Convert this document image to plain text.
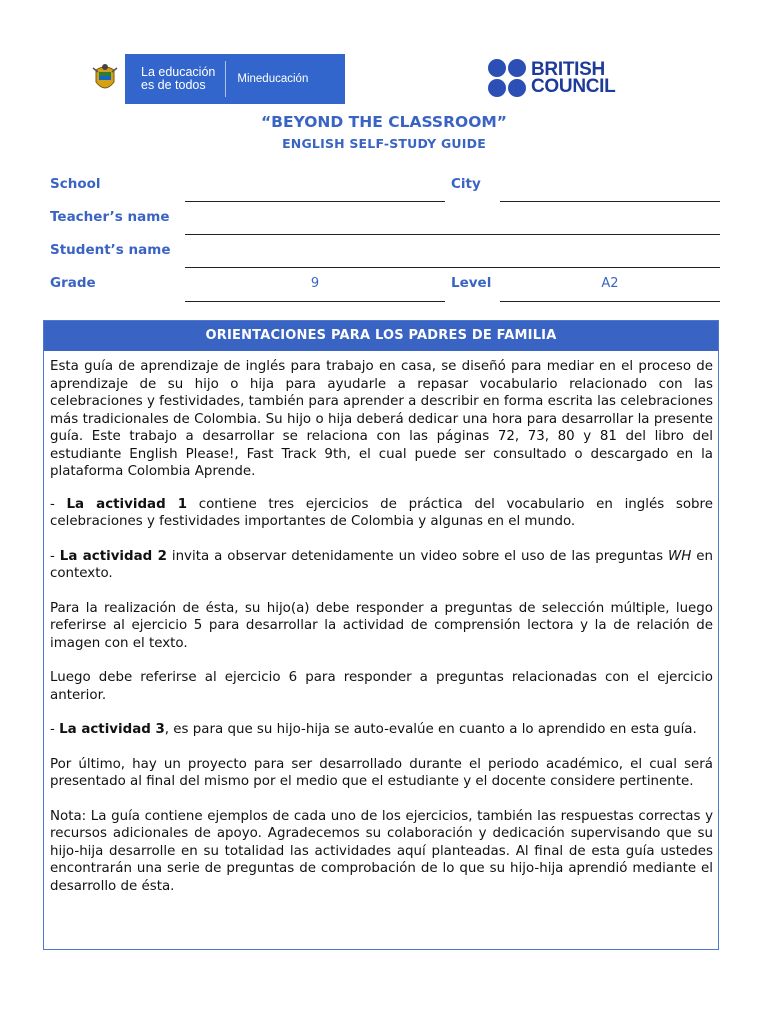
La educación
es de todos	Mineducación	BRITISH
COUNCIL
“BEYOND THE CLASSROOM”
ENGLISH SELF-STUDY GUIDE
School	City
Teacher’s name
Student’s name
Grade	9	Level	A2
ORIENTACIONES PARA LOS PADRES DE FAMILIA

Esta guía de aprendizaje de inglés para trabajo en casa, se diseñó para mediar en el proceso de aprendizaje de su hijo o hija para ayudarle a repasar vocabulario relacionado con las celebraciones y festividades, también para aprender a describir en forma escrita las celebraciones más tradicionales de Colombia. Su hijo o hija deberá dedicar una hora para desarrollar la presente guía. Este trabajo a desarrollar se relaciona con las páginas 72, 73, 80 y 81 del libro del estudiante English Please!, Fast Track 9th, el cual puede ser consultado o descargado en la plataforma Colombia Aprende.

- La actividad 1 contiene tres ejercicios de práctica del vocabulario en inglés sobre celebraciones y festividades importantes de Colombia y algunas en el mundo.

- La actividad 2 invita a observar detenidamente un video sobre el uso de las preguntas WH en contexto.

Para la realización de ésta, su hijo(a) debe responder a preguntas de selección múltiple, luego referirse al ejercicio 5 para desarrollar la actividad de comprensión lectora y la de relación de imagen con el texto.

Luego debe referirse al ejercicio 6 para responder a preguntas relacionadas con el ejercicio anterior.

- La actividad 3, es para que su hijo-hija se auto-evalúe en cuanto a lo aprendido en esta guía.

Por último, hay un proyecto para ser desarrollado durante el periodo académico, el cual será presentado al final del mismo por el medio que el estudiante y el docente considere pertinente.

Nota: La guía contiene ejemplos de cada uno de los ejercicios, también las respuestas correctas y recursos adicionales de apoyo. Agradecemos su colaboración y dedicación supervisando que su hijo-hija desarrolle en su totalidad las actividades aquí planteadas. Al final de esta guía ustedes encontrarán una serie de preguntas de comprobación de lo que su hijo-hija aprendió mediante el desarrollo de ésta.
